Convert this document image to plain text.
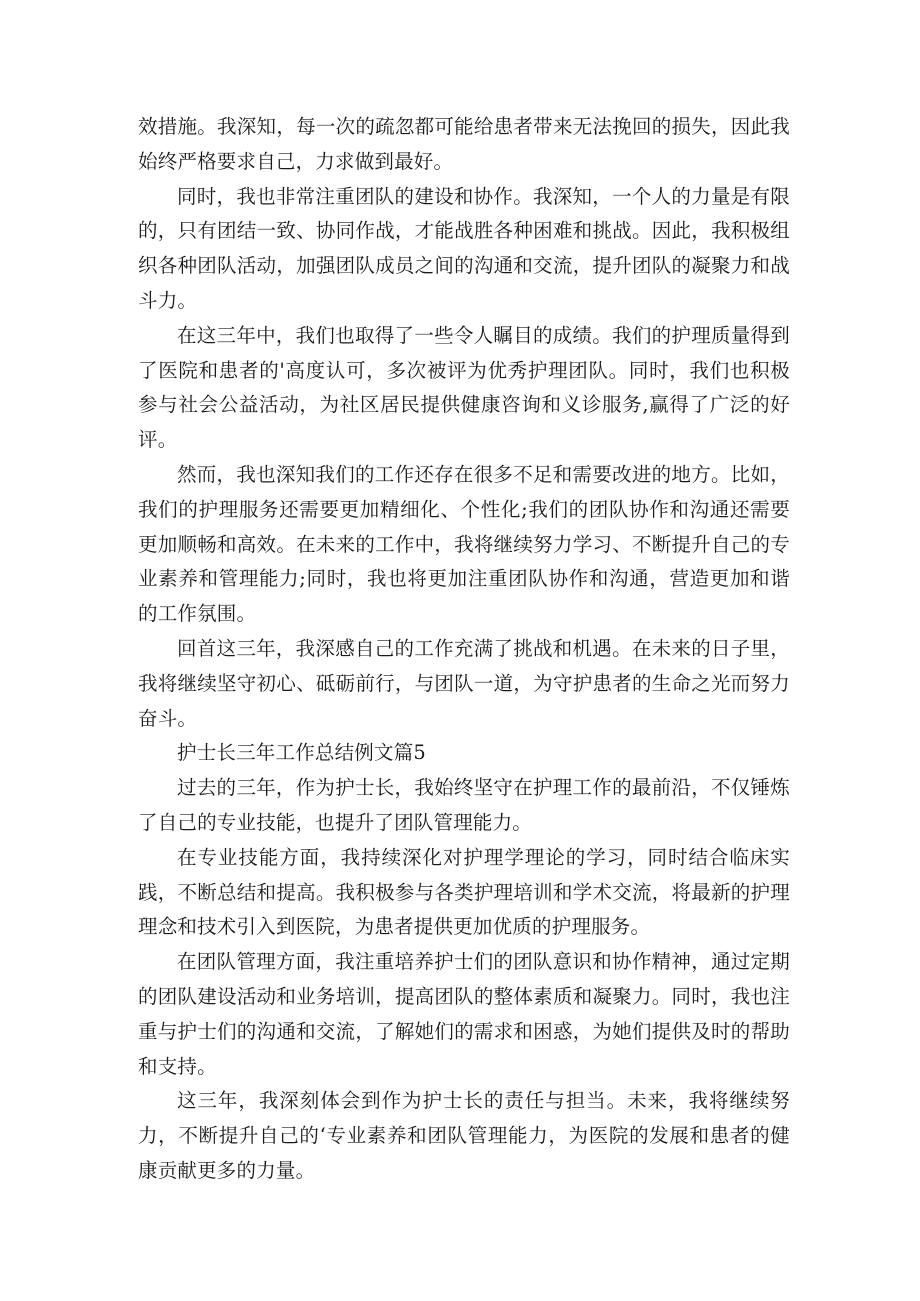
效措施。我深知，每一次的疏忽都可能给患者带来无法挽回的损失，因此我始终严格要求自己，力求做到最好。

同时，我也非常注重团队的建设和协作。我深知，一个人的力量是有限的，只有团结一致、协同作战，才能战胜各种困难和挑战。因此，我积极组织各种团队活动，加强团队成员之间的沟通和交流，提升团队的凝聚力和战斗力。

在这三年中，我们也取得了一些令人瞩目的成绩。我们的护理质量得到了医院和患者的'高度认可，多次被评为优秀护理团队。同时，我们也积极参与社会公益活动，为社区居民提供健康咨询和义诊服务,赢得了广泛的好评。

然而，我也深知我们的工作还存在很多不足和需要改进的地方。比如，我们的护理服务还需要更加精细化、个性化;我们的团队协作和沟通还需要更加顺畅和高效。在未来的工作中，我将继续努力学习、不断提升自己的专业素养和管理能力;同时，我也将更加注重团队协作和沟通，营造更加和谐的工作氛围。

回首这三年，我深感自己的工作充满了挑战和机遇。在未来的日子里，我将继续坚守初心、砥砺前行，与团队一道，为守护患者的生命之光而努力奋斗。

护士长三年工作总结例文篇5

过去的三年，作为护士长，我始终坚守在护理工作的最前沿，不仅锤炼了自己的专业技能，也提升了团队管理能力。

在专业技能方面，我持续深化对护理学理论的学习，同时结合临床实践，不断总结和提高。我积极参与各类护理培训和学术交流，将最新的护理理念和技术引入到医院，为患者提供更加优质的护理服务。

在团队管理方面，我注重培养护士们的团队意识和协作精神，通过定期的团队建设活动和业务培训，提高团队的整体素质和凝聚力。同时，我也注重与护士们的沟通和交流，了解她们的需求和困惑，为她们提供及时的帮助和支持。

这三年，我深刻体会到作为护士长的责任与担当。未来，我将继续努力，不断提升自己的‘专业素养和团队管理能力，为医院的发展和患者的健康贡献更多的力量。
